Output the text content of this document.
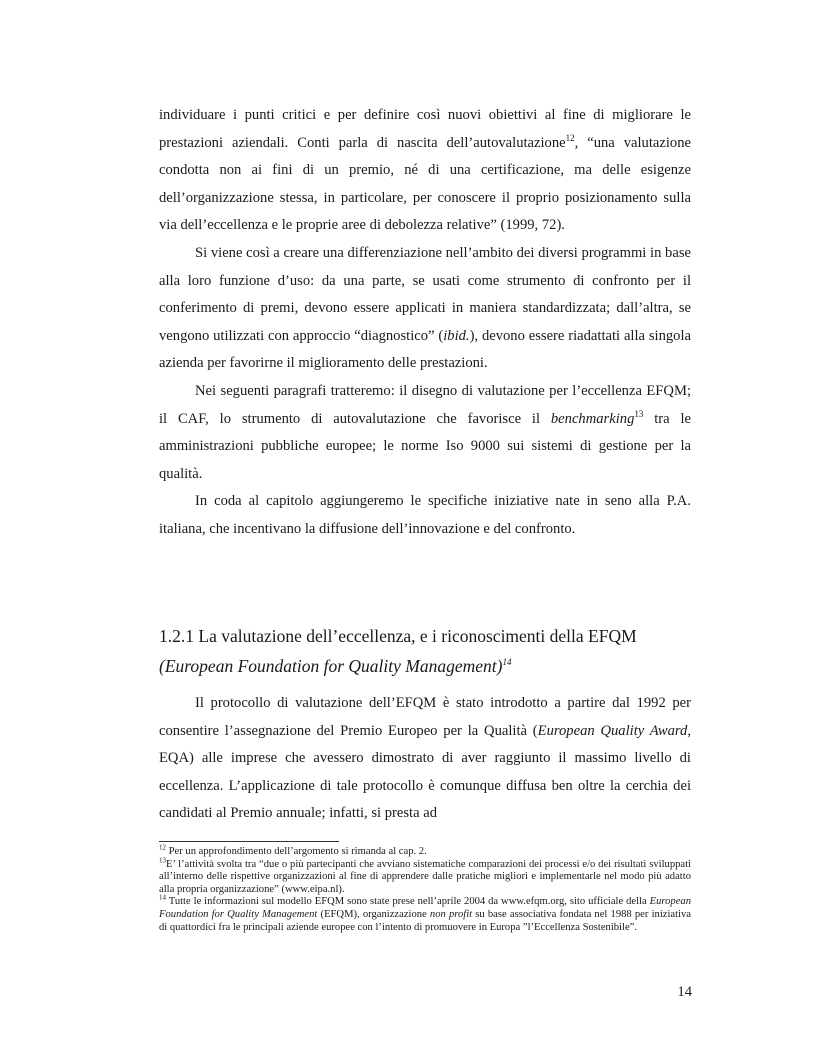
individuare i punti critici e per definire così nuovi obiettivi al fine di migliorare le prestazioni aziendali. Conti parla di nascita dell’autovalutazione$^{12}$, “una valutazione condotta non ai fini di un premio, né di una certificazione, ma delle esigenze dell’organizzazione stessa, in particolare, per conoscere il proprio posizionamento sulla via dell’eccellenza e le proprie aree di debolezza relative” (1999, 72).

Si viene così a creare una differenziazione nell’ambito dei diversi programmi in base alla loro funzione d’uso: da una parte, se usati come strumento di confronto per il conferimento di premi, devono essere applicati in maniera standardizzata; dall’altra, se vengono utilizzati con approccio “diagnostico” (ibid.), devono essere riadattati alla singola azienda per favorirne il miglioramento delle prestazioni.

Nei seguenti paragrafi tratteremo: il disegno di valutazione per l’eccellenza EFQM; il CAF, lo strumento di autovalutazione che favorisce il benchmarking$^{13}$ tra le amministrazioni pubbliche europee; le norme Iso 9000 sui sistemi di gestione per la qualità.

In coda al capitolo aggiungeremo le specifiche iniziative nate in seno alla P.A. italiana, che incentivano la diffusione dell’innovazione e del confronto.

1.2.1 La valutazione dell’eccellenza, e i riconoscimenti della EFQM
(European Foundation for Quality Management)$^{14}$

Il protocollo di valutazione dell’EFQM è stato introdotto a partire dal 1992 per consentire l’assegnazione del Premio Europeo per la Qualità (European Quality Award, EQA) alle imprese che avessero dimostrato di aver raggiunto il massimo livello di eccellenza. L’applicazione di tale protocollo è comunque diffusa ben oltre la cerchia dei candidati al Premio annuale; infatti, si presta ad

$^{12}$ Per un approfondimento dell’argomento si rimanda al cap. 2.

$^{13}$E’ l’attività svolta tra “due o più partecipanti che avviano sistematiche comparazioni dei processi e/o dei risultati sviluppati all’interno delle rispettive organizzazioni al fine di apprendere dalle pratiche migliori e implementarle nel modo più adatto alla propria organizzazione” (www.eipa.nl).

$^{14}$ Tutte le informazioni sul modello EFQM sono state prese nell’aprile 2004 da www.efqm.org, sito ufficiale della European Foundation for Quality Management (EFQM), organizzazione non profit su base associativa fondata nel 1988 per iniziativa di quattordici fra le principali aziende europee con l’intento di promuovere in Europa ”l’Eccellenza Sostenibile”.

14
